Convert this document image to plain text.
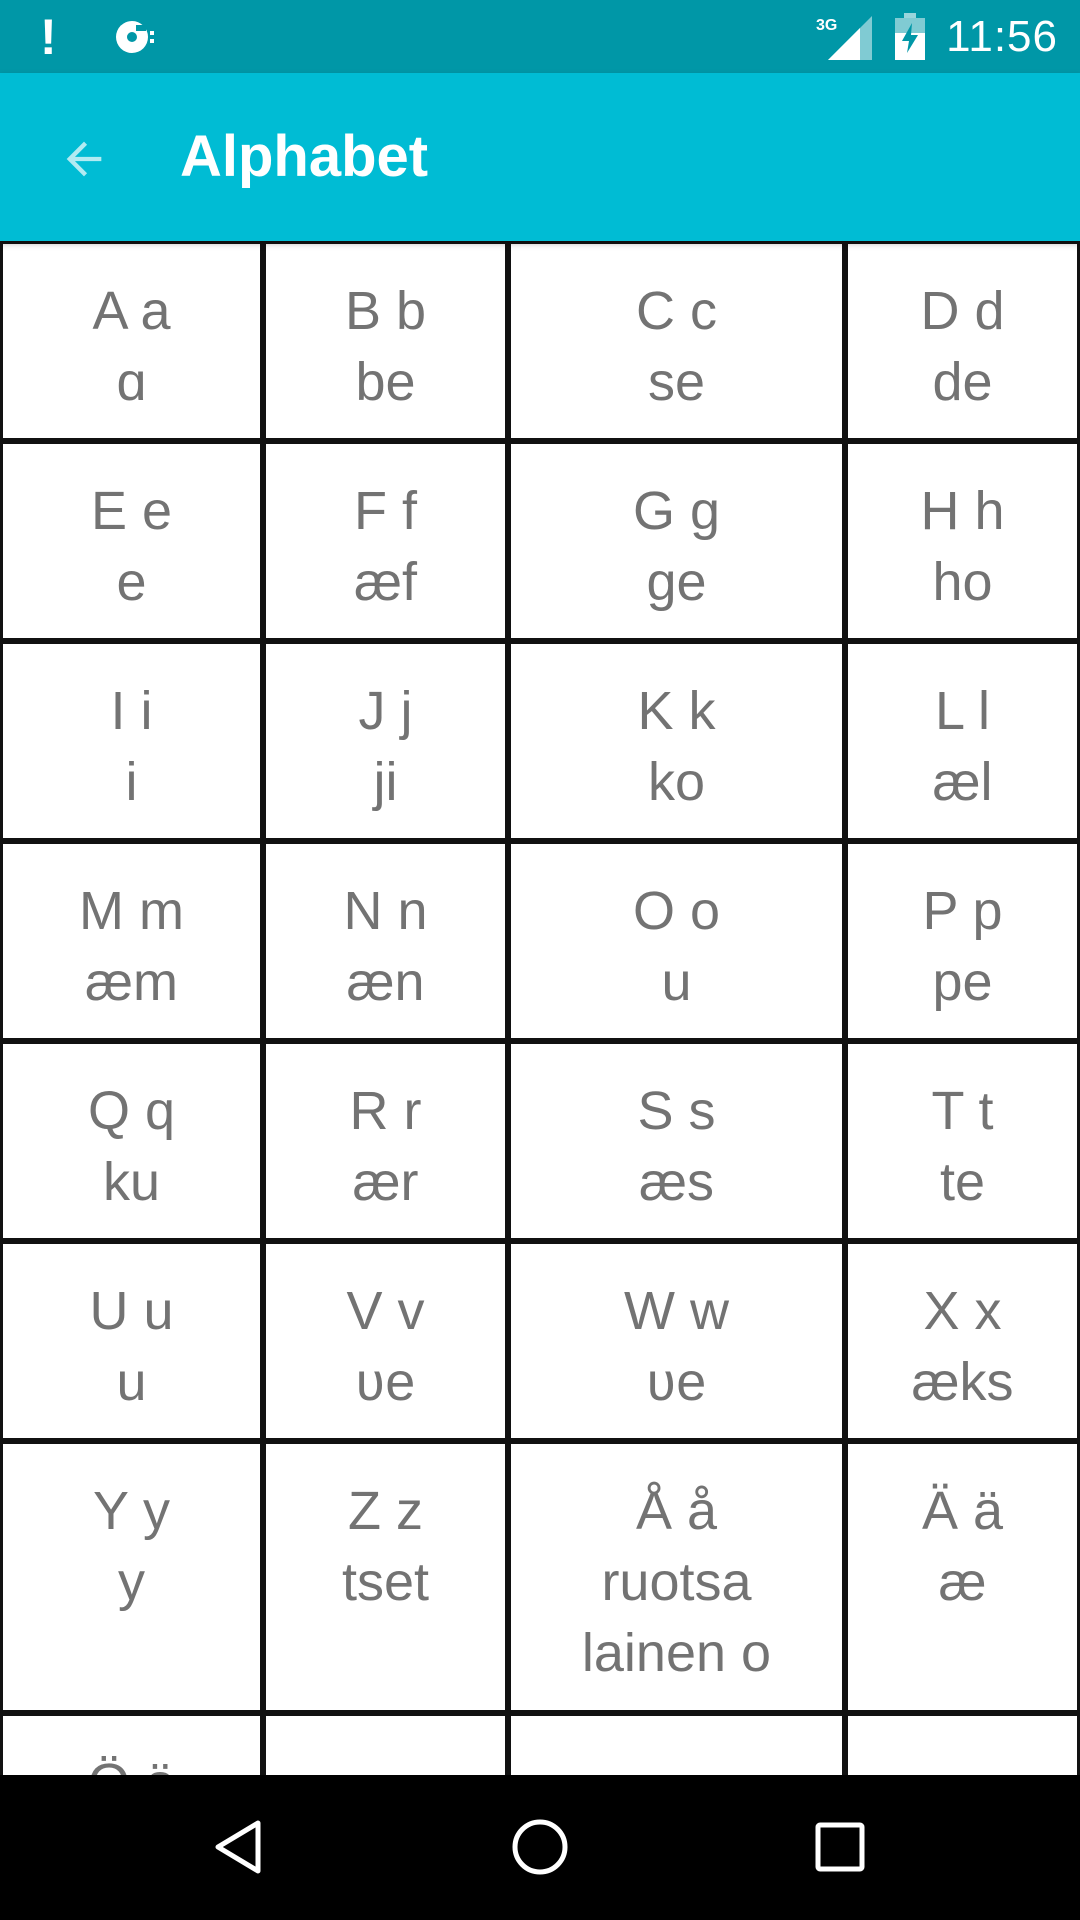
!	3G 11:56
Alphabet
A a
ɑ
B b
be
C c
se
D d
de
E e
e
F f
æf
G g
ge
H h
ho
I i
i
J j
ji
K k
ko
L l
æl
M m
æm
N n
æn
O o
u
P p
pe
Q q
ku
R r
ær
S s
æs
T t
te
U u
u
V v
ʋe
W w
ʋe
X x
æks
Y y
y
Z z
tset
Å å
ruotsa
lainen o
Ä ä
æ
